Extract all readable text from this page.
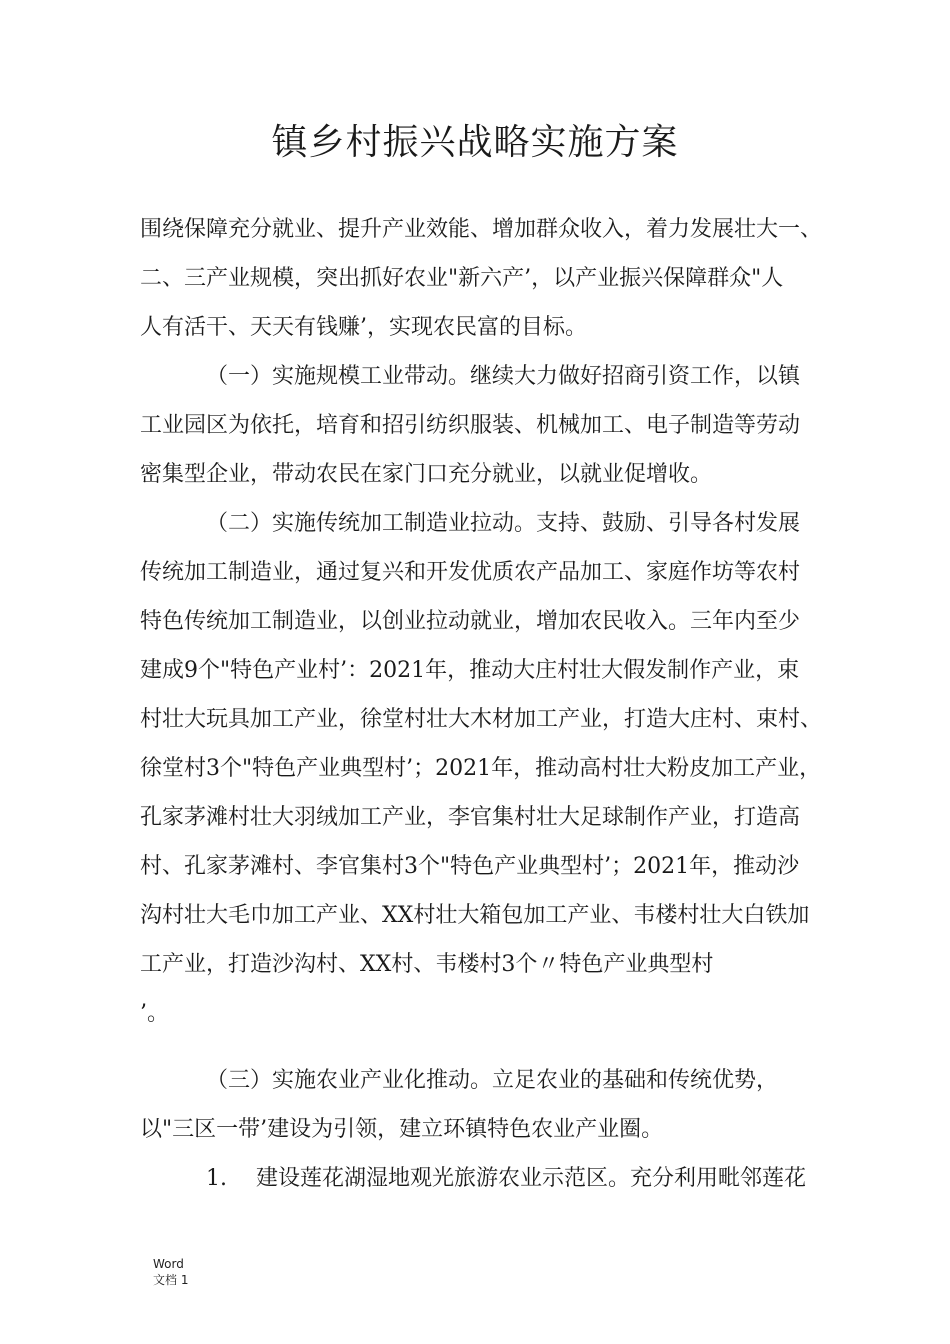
镇乡村振兴战略实施方案
围绕保障充分就业、提升产业效能、增加群众收入，着力发展壮大一、
二、三产业规模，突出抓好农业"新六产’，以产业振兴保障群众"人
人有活干、天天有钱赚’，实现农民富的目标。
（一）实施规模工业带动。继续大力做好招商引资工作，以镇
工业园区为依托，培育和招引纺织服装、机械加工、电子制造等劳动
密集型企业，带动农民在家门口充分就业，以就业促增收。
（二）实施传统加工制造业拉动。支持、鼓励、引导各村发展
传统加工制造业，通过复兴和开发优质农产品加工、家庭作坊等农村
特色传统加工制造业，以创业拉动就业，增加农民收入。三年内至少
建成9个"特色产业村’：2021年，推动大庄村壮大假发制作产业，束
村壮大玩具加工产业，徐堂村壮大木材加工产业，打造大庄村、束村、
徐堂村3个"特色产业典型村’；2021年，推动高村壮大粉皮加工产业，
孔家茅滩村壮大羽绒加工产业，李官集村壮大足球制作产业，打造高
村、孔家茅滩村、李官集村3个"特色产业典型村’；2021年，推动沙
沟村壮大毛巾加工产业、XX村壮大箱包加工产业、韦楼村壮大白铁加
工产业，打造沙沟村、XX村、韦楼村3个〃特色产业典型村
’。
（三）实施农业产业化推动。立足农业的基础和传统优势，
以"三区一带’建设为引领，建立环镇特色农业产业圈。
1. 建设莲花湖湿地观光旅游农业示范区。充分利用毗邻莲花
Word
文档 1
